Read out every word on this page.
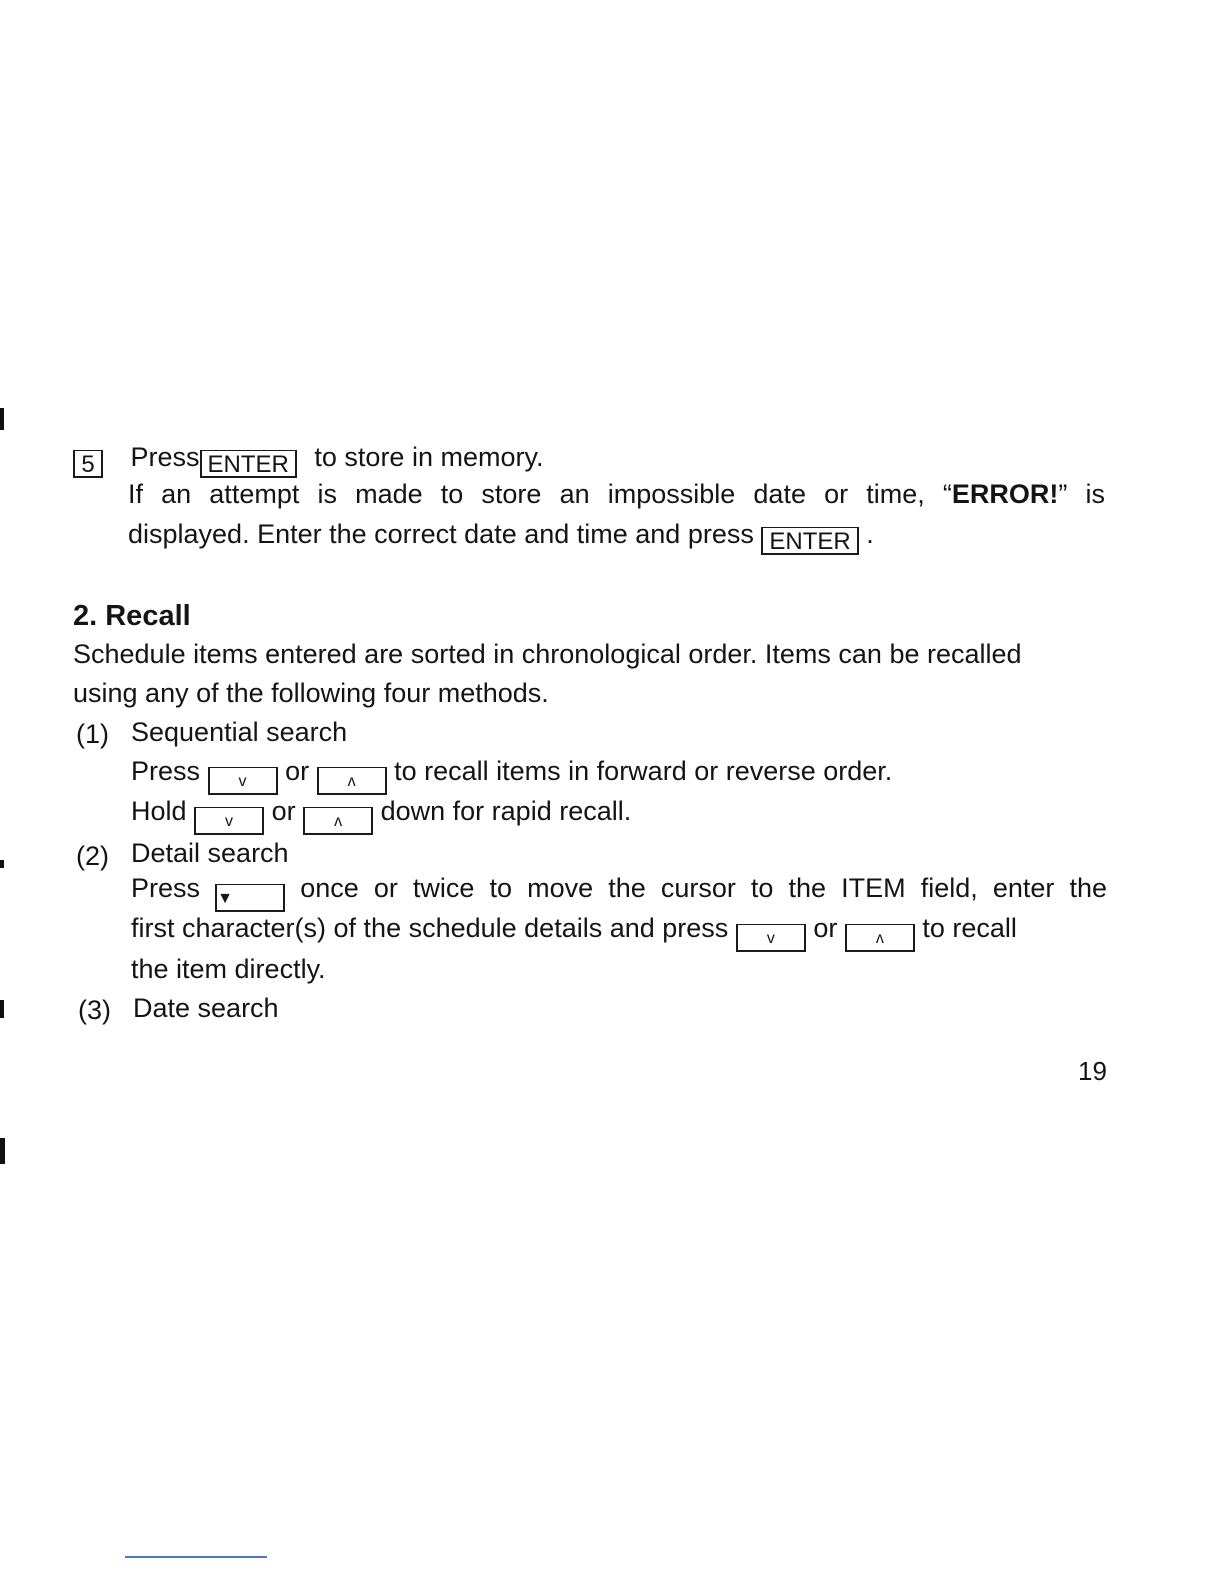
5 Press ENTER to store in memory.
If an attempt is made to store an impossible date or time, “ERROR!” is
displayed. Enter the correct date and time and press ENTER .
2. Recall
Schedule items entered are sorted in chronological order. Items can be recalled
using any of the following four methods.
(1) Sequential search
Press v or ʌ to recall items in forward or reverse order.
Hold v or ʌ down for rapid recall.
(2) Detail search
Press ▼ once or twice to move the cursor to the ITEM field, enter the
first character(s) of the schedule details and press v or ʌ to recall
the item directly.
(3) Date search
19
